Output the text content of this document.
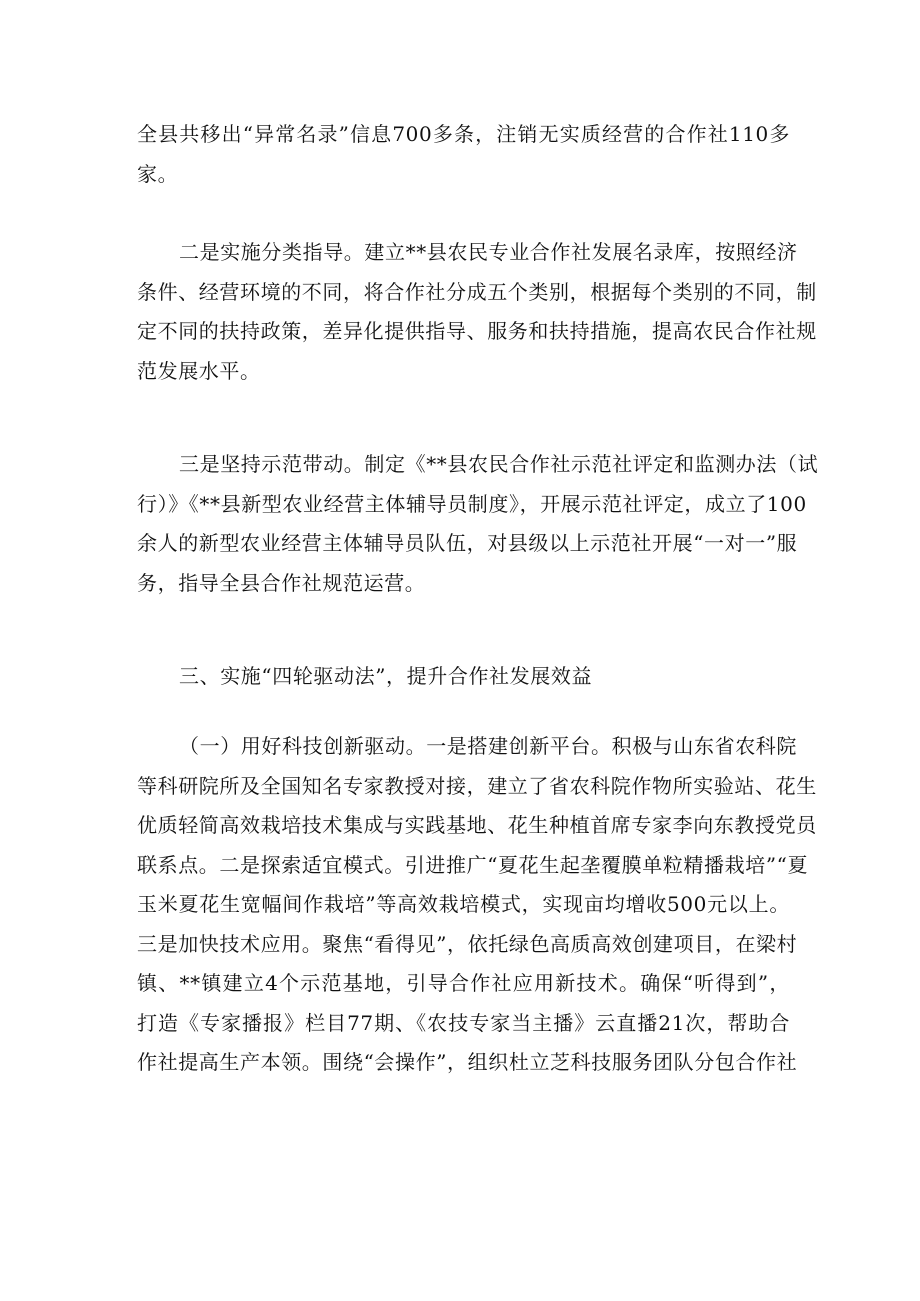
全县共移出“异常名录”信息700多条，注销无实质经营的合作社110多
家。
二是实施分类指导。建立**县农民专业合作社发展名录库，按照经济
条件、经营环境的不同，将合作社分成五个类别，根据每个类别的不同，制
定不同的扶持政策，差异化提供指导、服务和扶持措施，提高农民合作社规
范发展水平。
三是坚持示范带动。制定《**县农民合作社示范社评定和监测办法（试
行）》《**县新型农业经营主体辅导员制度》，开展示范社评定，成立了100
余人的新型农业经营主体辅导员队伍，对县级以上示范社开展“一对一”服
务，指导全县合作社规范运营。
三、实施“四轮驱动法”，提升合作社发展效益
（一）用好科技创新驱动。一是搭建创新平台。积极与山东省农科院
等科研院所及全国知名专家教授对接，建立了省农科院作物所实验站、花生
优质轻简高效栽培技术集成与实践基地、花生种植首席专家李向东教授党员
联系点。二是探索适宜模式。引进推广“夏花生起垄覆膜单粒精播栽培”“夏
玉米夏花生宽幅间作栽培”等高效栽培模式，实现亩均增收500元以上。
三是加快技术应用。聚焦“看得见”，依托绿色高质高效创建项目，在梁村
镇、**镇建立4个示范基地，引导合作社应用新技术。确保“听得到”，
打造《专家播报》栏目77期、《农技专家当主播》云直播21次，帮助合
作社提高生产本领。围绕“会操作”，组织杜立芝科技服务团队分包合作社
